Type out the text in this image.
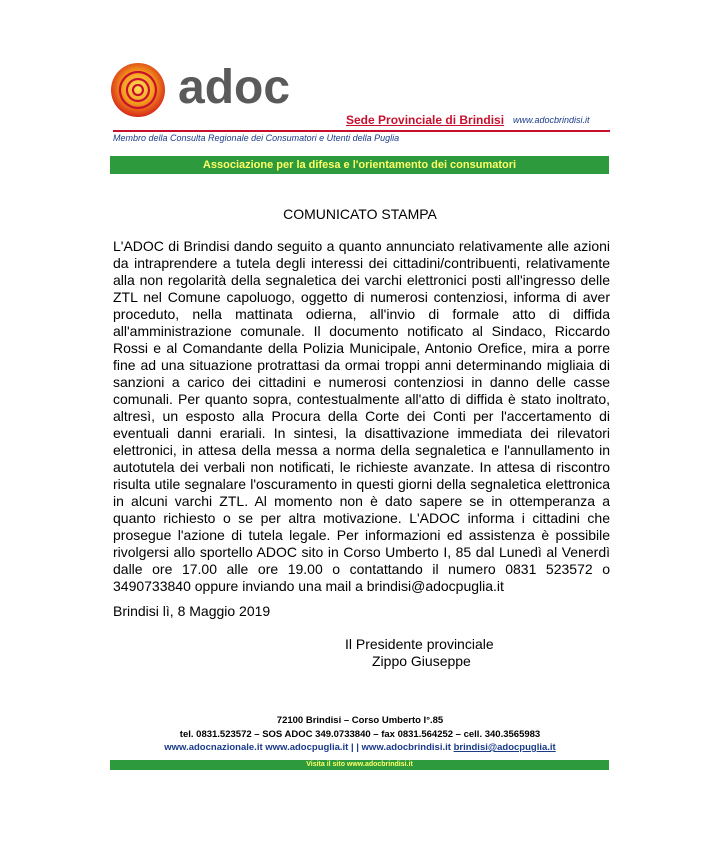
adoc
Sede Provinciale di Brindisi www.adocbrindisi.it
Membro della Consulta Regionale dei Consumatori e Utenti della Puglia
Associazione per la difesa e l'orientamento dei consumatori
COMUNICATO STAMPA
L'ADOC di Brindisi dando seguito a quanto annunciato relativamente alle azioni da intraprendere a tutela degli interessi dei cittadini/contribuenti, relativamente alla non regolarità della segnaletica dei varchi elettronici posti all'ingresso delle ZTL nel Comune capoluogo, oggetto di numerosi contenziosi, informa di aver proceduto, nella mattinata odierna, all'invio di formale atto di diffida all'amministrazione comunale. Il documento notificato al Sindaco, Riccardo Rossi e al Comandante della Polizia Municipale, Antonio Orefice, mira a porre fine ad una situazione protrattasi da ormai troppi anni determinando migliaia di sanzioni a carico dei cittadini e numerosi contenziosi in danno delle casse comunali. Per quanto sopra, contestualmente all'atto di diffida è stato inoltrato, altresì, un esposto alla Procura della Corte dei Conti per l'accertamento di eventuali danni erariali. In sintesi, la disattivazione immediata dei rilevatori elettronici, in attesa della messa a norma della segnaletica e l'annullamento in autotutela dei verbali non notificati, le richieste avanzate. In attesa di riscontro risulta utile segnalare l'oscuramento in questi giorni della segnaletica elettronica in alcuni varchi ZTL. Al momento non è dato sapere se in ottemperanza a quanto richiesto o se per altra motivazione. L'ADOC informa i cittadini che prosegue l'azione di tutela legale. Per informazioni ed assistenza è possibile rivolgersi allo sportello ADOC sito in Corso Umberto I, 85 dal Lunedì al Venerdì dalle ore 17.00 alle ore 19.00 o contattando il numero 0831 523572 o 3490733840 oppure inviando una mail a brindisi@adocpuglia.it
Brindisi lì, 8 Maggio 2019
Il Presidente provinciale
Zippo Giuseppe
72100 Brindisi – Corso Umberto I°.85
tel. 0831.523572 – SOS ADOC 349.0733840 – fax 0831.564252 – cell. 340.3565983
www.adocnazionale.it www.adocpuglia.it | | www.adocbrindisi.it brindisi@adocpuglia.it
Visita il sito www.adocbrindisi.it
